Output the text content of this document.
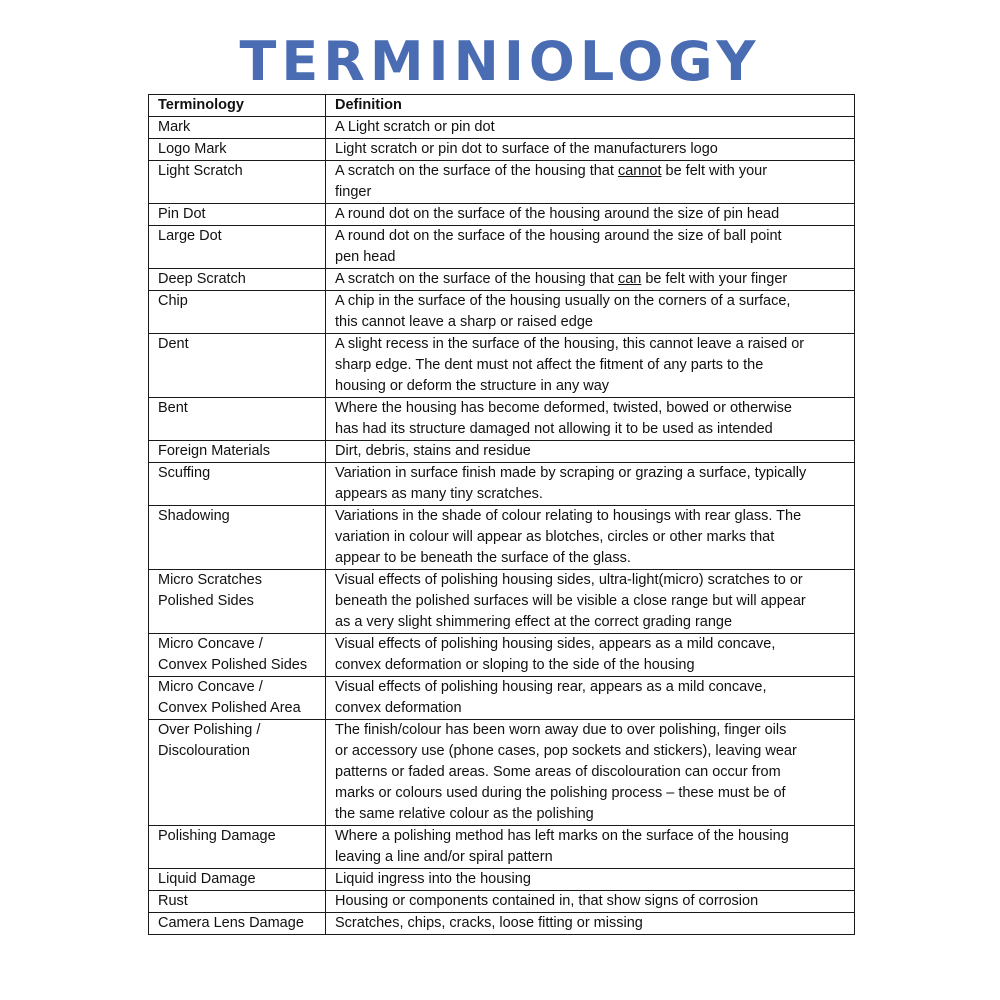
TERMINIOLOGY
Terminology	Definition
Mark	A Light scratch or pin dot
Logo Mark	Light scratch or pin dot to surface of the manufacturers logo
Light Scratch	A scratch on the surface of the housing that cannot be felt with your
finger
Pin Dot	A round dot on the surface of the housing around the size of pin head
Large Dot	A round dot on the surface of the housing around the size of ball point
pen head
Deep Scratch	A scratch on the surface of the housing that can be felt with your finger
Chip	A chip in the surface of the housing usually on the corners of a surface,
this cannot leave a sharp or raised edge
Dent	A slight recess in the surface of the housing, this cannot leave a raised or
sharp edge. The dent must not affect the fitment of any parts to the
housing or deform the structure in any way
Bent	Where the housing has become deformed, twisted, bowed or otherwise
has had its structure damaged not allowing it to be used as intended
Foreign Materials	Dirt, debris, stains and residue
Scuffing	Variation in surface finish made by scraping or grazing a surface, typically
appears as many tiny scratches.
Shadowing	Variations in the shade of colour relating to housings with rear glass. The
variation in colour will appear as blotches, circles or other marks that
appear to be beneath the surface of the glass.
Micro Scratches
Polished Sides	Visual effects of polishing housing sides, ultra-light(micro) scratches to or
beneath the polished surfaces will be visible a close range but will appear
as a very slight shimmering effect at the correct grading range
Micro Concave /
Convex Polished Sides	Visual effects of polishing housing sides, appears as a mild concave,
convex deformation or sloping to the side of the housing
Micro Concave /
Convex Polished Area	Visual effects of polishing housing rear, appears as a mild concave,
convex deformation
Over Polishing /
Discolouration	The finish/colour has been worn away due to over polishing, finger oils
or accessory use (phone cases, pop sockets and stickers), leaving wear
patterns or faded areas. Some areas of discolouration can occur from
marks or colours used during the polishing process – these must be of
the same relative colour as the polishing
Polishing Damage	Where a polishing method has left marks on the surface of the housing
leaving a line and/or spiral pattern
Liquid Damage	Liquid ingress into the housing
Rust	Housing or components contained in, that show signs of corrosion
Camera Lens Damage	Scratches, chips, cracks, loose fitting or missing
